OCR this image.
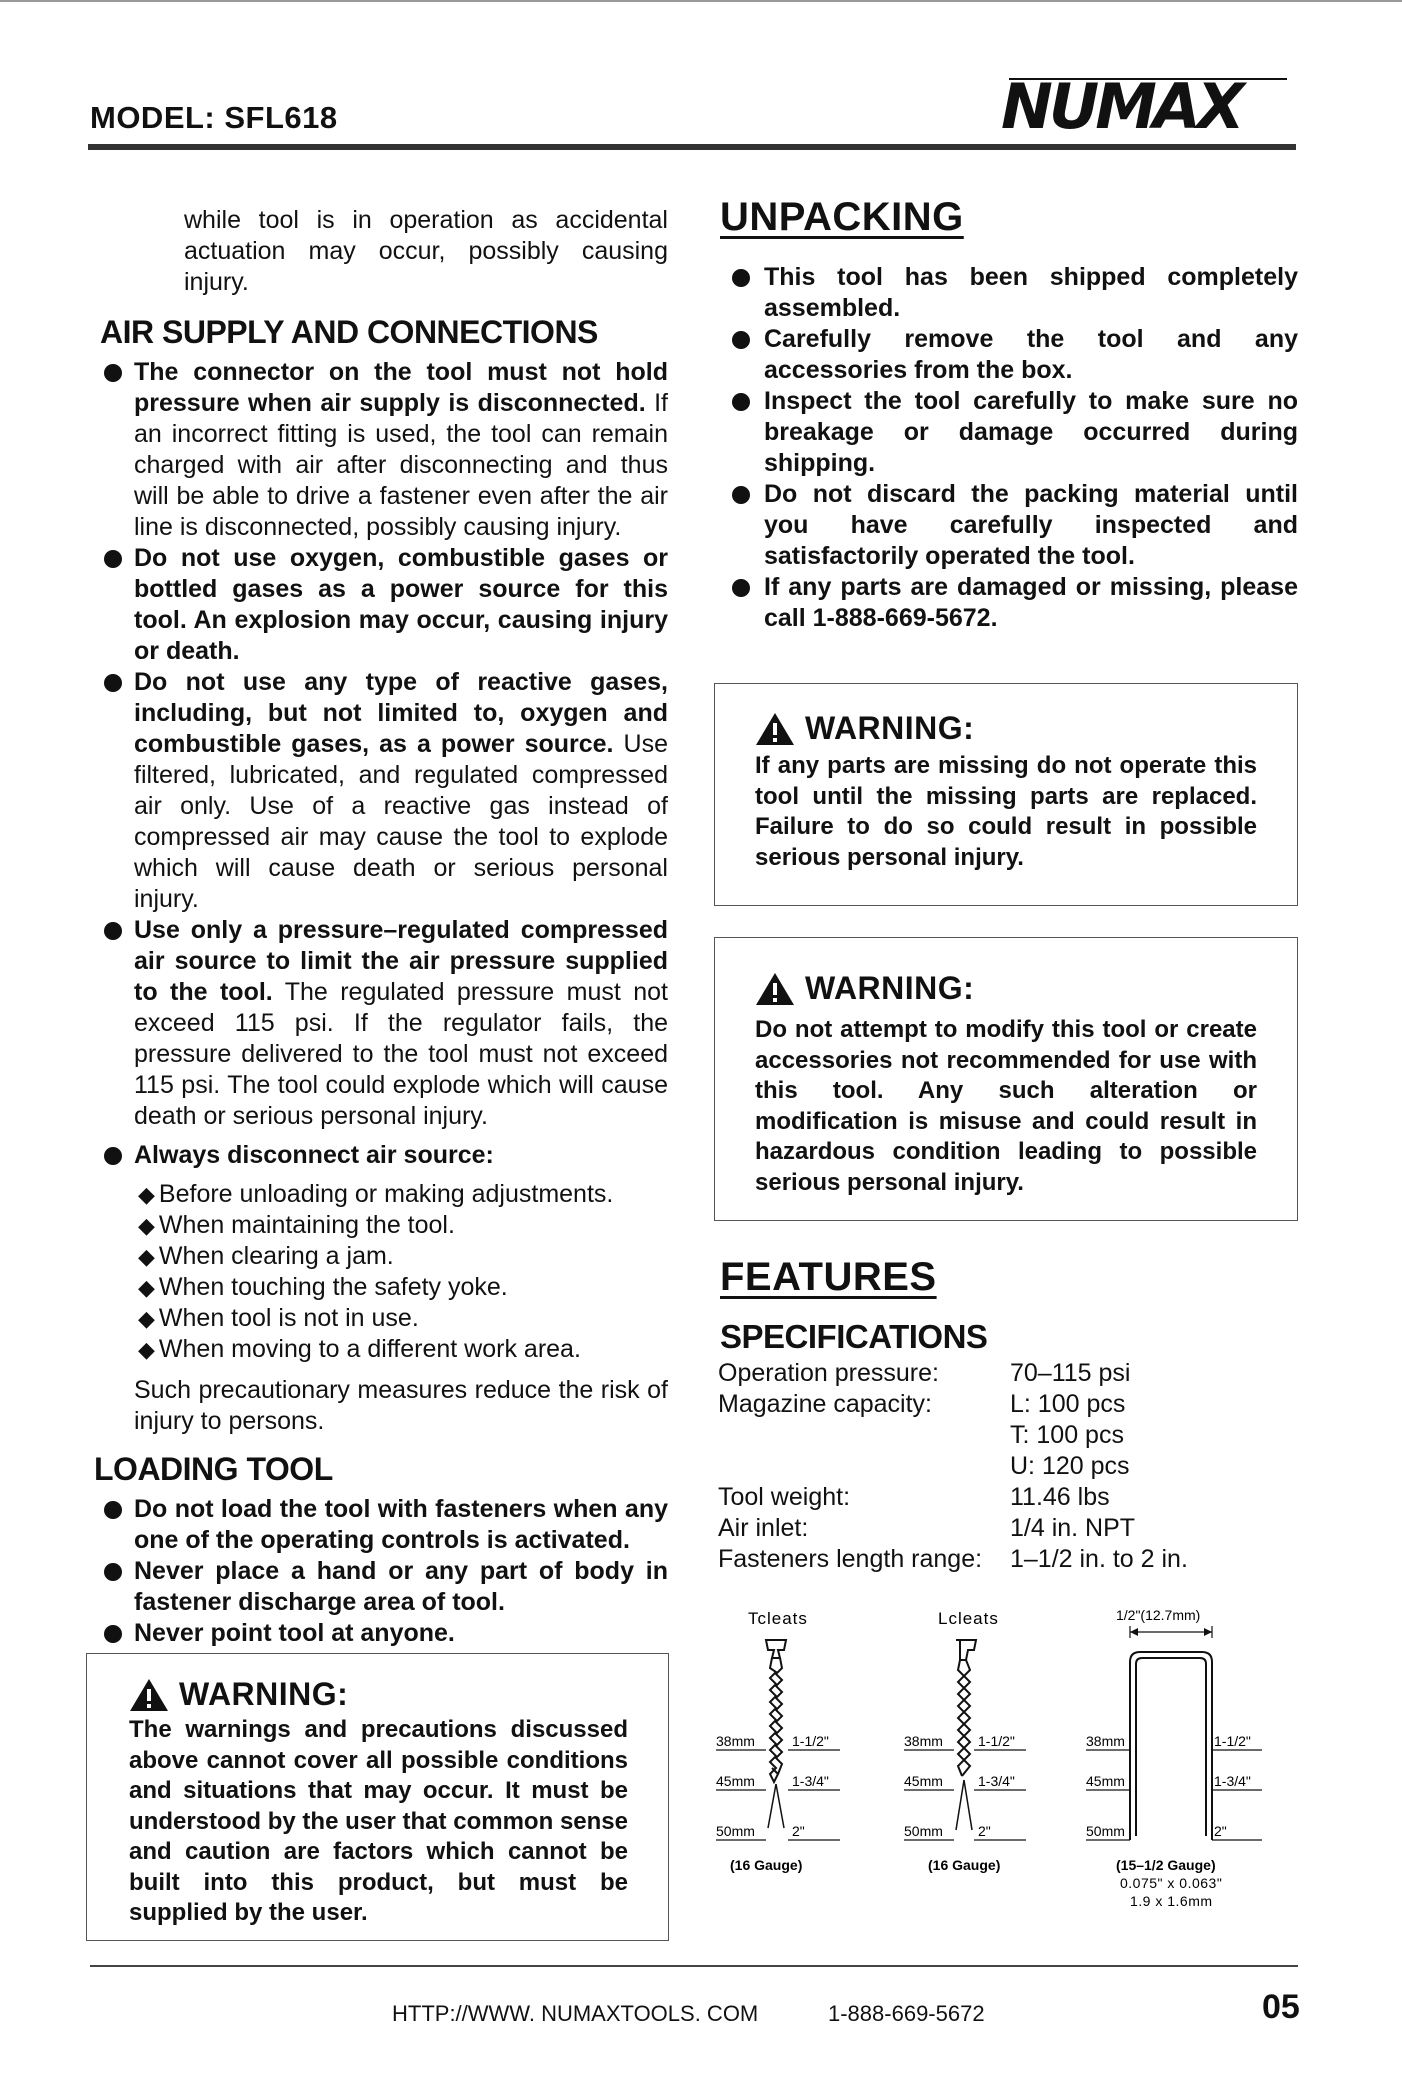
MODEL: SFL618	NUMAX

while tool is in operation as accidental actuation may occur, possibly causing injury.

AIR SUPPLY AND CONNECTIONS
The connector on the tool must not hold pressure when air supply is disconnected. If an incorrect fitting is used, the tool can remain charged with air after disconnecting and thus will be able to drive a fastener even after the air line is disconnected, possibly causing injury.
Do not use oxygen, combustible gases or bottled gases as a power source for this tool. An explosion may occur, causing injury or death.
Do not use any type of reactive gases, including, but not limited to, oxygen and combustible gases, as a power source. Use filtered, lubricated, and regulated compressed air only. Use of a reactive gas instead of compressed air may cause the tool to explode which will cause death or serious personal injury.
Use only a pressure–regulated compressed air source to limit the air pressure supplied to the tool. The regulated pressure must not exceed 115 psi. If the regulator fails, the pressure delivered to the tool must not exceed 115 psi. The tool could explode which will cause death or serious personal injury.
Always disconnect air source:
◆ Before unloading or making adjustments.
◆ When maintaining the tool.
◆ When clearing a jam.
◆ When touching the safety yoke.
◆ When tool is not in use.
◆ When moving to a different work area.

Such precautionary measures reduce the risk of injury to persons.

LOADING TOOL
Do not load the tool with fasteners when any one of the operating controls is activated.
Never place a hand or any part of body in fastener discharge area of tool.
Never point tool at anyone.
WARNING:
The warnings and precautions discussed above cannot cover all possible conditions and situations that may occur. It must be understood by the user that common sense and caution are factors which cannot be built into this product, but must be supplied by the user.
UNPACKING
This tool has been shipped completely assembled.
Carefully remove the tool and any accessories from the box.
Inspect the tool carefully to make sure no breakage or damage occurred during shipping.
Do not discard the packing material until you have carefully inspected and satisfactorily operated the tool.
If any parts are damaged or missing, please call 1-888-669-5672.
WARNING:
If any parts are missing do not operate this tool until the missing parts are replaced. Failure to do so could result in possible serious personal injury.
WARNING:
Do not attempt to modify this tool or create accessories not recommended for use with this tool. Any such alteration or modification is misuse and could result in hazardous condition leading to possible serious personal injury.
FEATURES
SPECIFICATIONS
Operation pressure:	70–115 psi
Magazine capacity:	L: 100 pcs
T: 100 pcs
U: 120 pcs
Tool weight:	11.46 lbs
Air inlet:	1/4 in. NPT
Fasteners length range:	1–1/2 in. to 2 in.
Tcleats
38mm
45mm
50mm
1-1/2"
1-3/4"
2"
(16 Gauge)
Lcleats
38mm
45mm
50mm
1-1/2"
1-3/4"
2"
(16 Gauge)
1/2"(12.7mm)
38mm
45mm
50mm
1-1/2"
1-3/4"
2"
(15–1/2 Gauge)
0.075" x 0.063"
1.9 x 1.6mm
HTTP://WWW. NUMAXTOOLS. COM	1-888-669-5672	05
